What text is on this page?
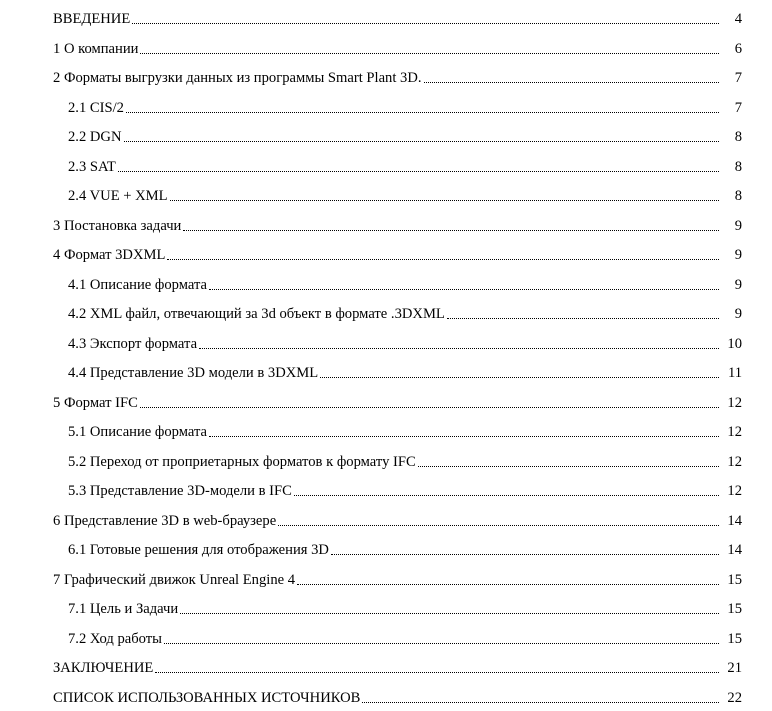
ВВЕДЕНИЕ	4
1 О компании	6
2 Форматы выгрузки данных из программы Smart Plant 3D.	7
2.1 CIS/2	7
2.2 DGN	8
2.3 SAT	8
2.4 VUE + XML	8
3 Постановка задачи	9
4 Формат 3DXML	9
4.1 Описание формата	9
4.2 XML файл, отвечающий за 3d объект в формате .3DXML	9
4.3 Экспорт формата	10
4.4 Представление 3D модели в 3DXML	11
5 Формат IFC	12
5.1 Описание формата	12
5.2 Переход от проприетарных форматов к формату IFC	12
5.3 Представление 3D-модели в IFC	12
6 Представление 3D в web-браузере	14
6.1 Готовые решения для отображения 3D	14
7 Графический движок Unreal Engine 4	15
7.1 Цель и Задачи	15
7.2 Ход работы	15
ЗАКЛЮЧЕНИЕ	21
СПИСОК ИСПОЛЬЗОВАННЫХ ИСТОЧНИКОВ	22
